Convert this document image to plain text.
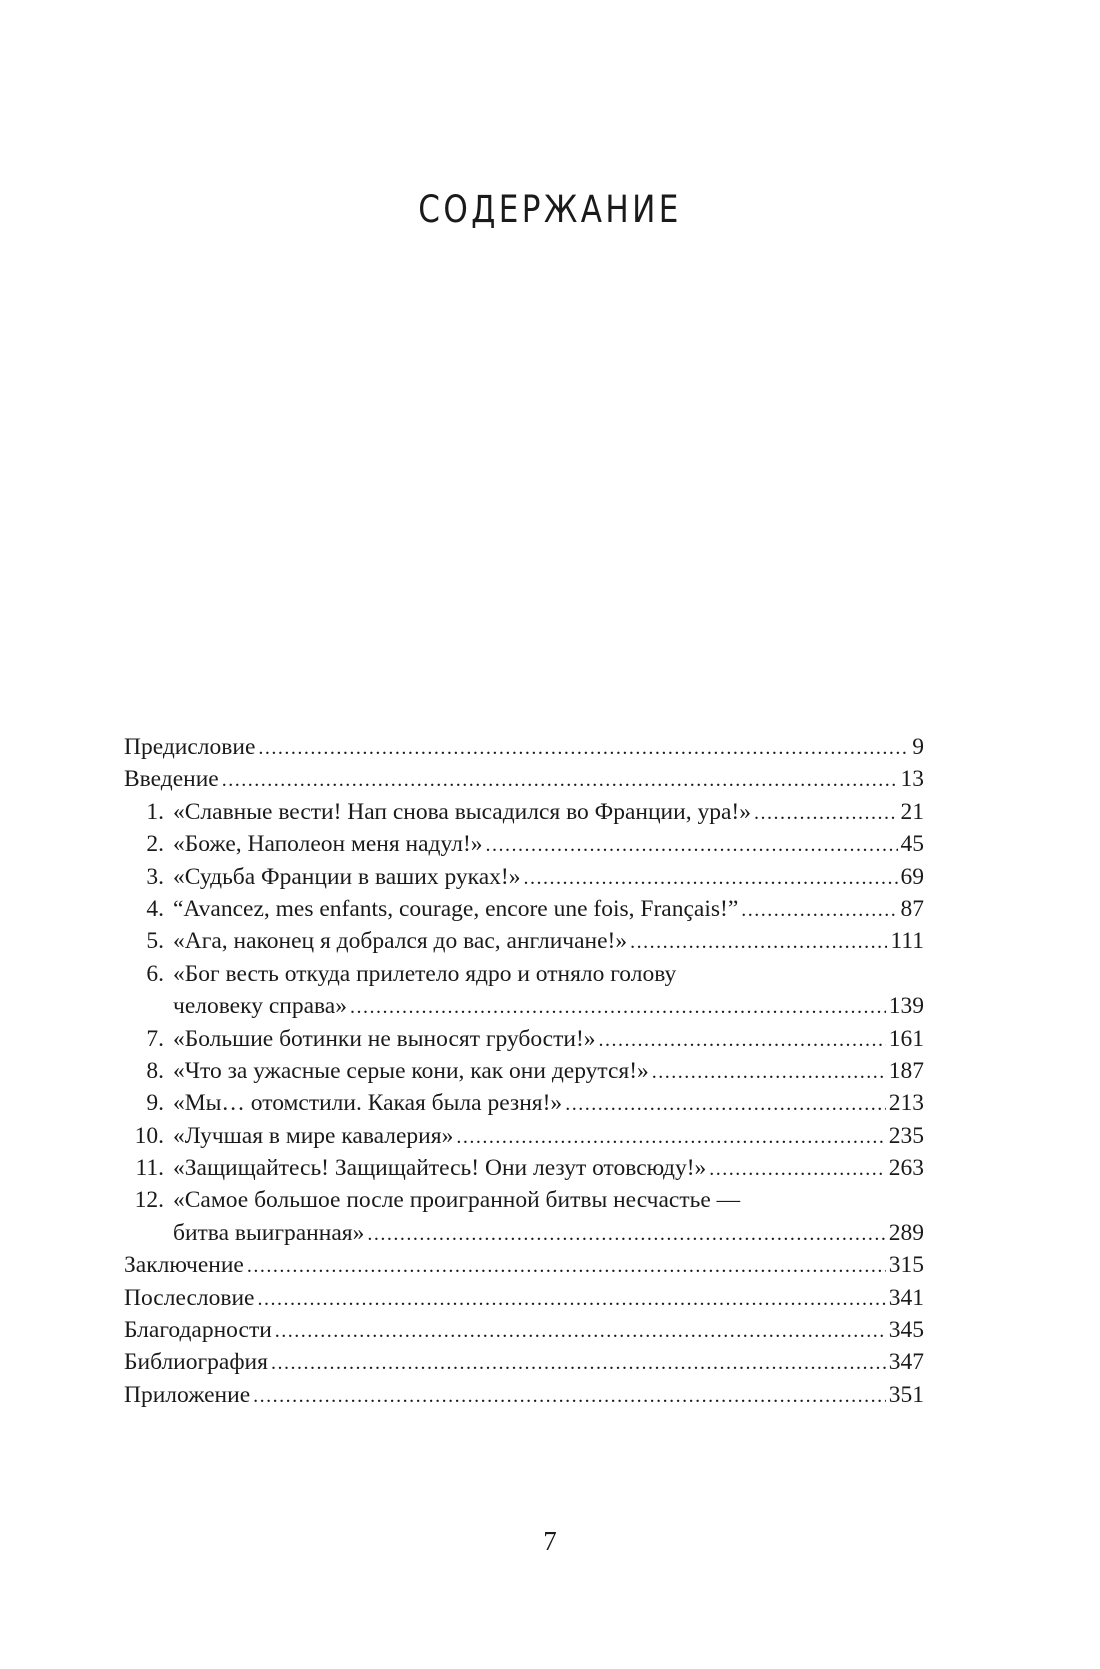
СОДЕРЖАНИЕ
Предисловие .....	9
Введение .....	13
1. «Славные вести! Нап снова высадился во Франции, ура!» .....	21
2. «Боже, Наполеон меня надул!» .....	45
3. «Судьба Франции в ваших руках!» .....	69
4. “Avancez, mes enfants, courage, encore une fois, Français!” .....	87
5. «Ага, наконец я добрался до вас, англичане!» .....	111
6. «Бог весть откуда прилетело ядро и отняло голову
человеку справа» .....	139
7. «Большие ботинки не выносят грубости!» .....	161
8. «Что за ужасные серые кони, как они дерутся!» .....	187
9. «Мы… отомстили. Какая была резня!» .....	213
10. «Лучшая в мире кавалерия» .....	235
11. «Защищайтесь! Защищайтесь! Они лезут отовсюду!» .....	263
12. «Самое большое после проигранной битвы несчастье —
битва выигранная» .....	289
Заключение .....	315
Послесловие .....	341
Благодарности .....	345
Библиография .....	347
Приложение .....	351
7
